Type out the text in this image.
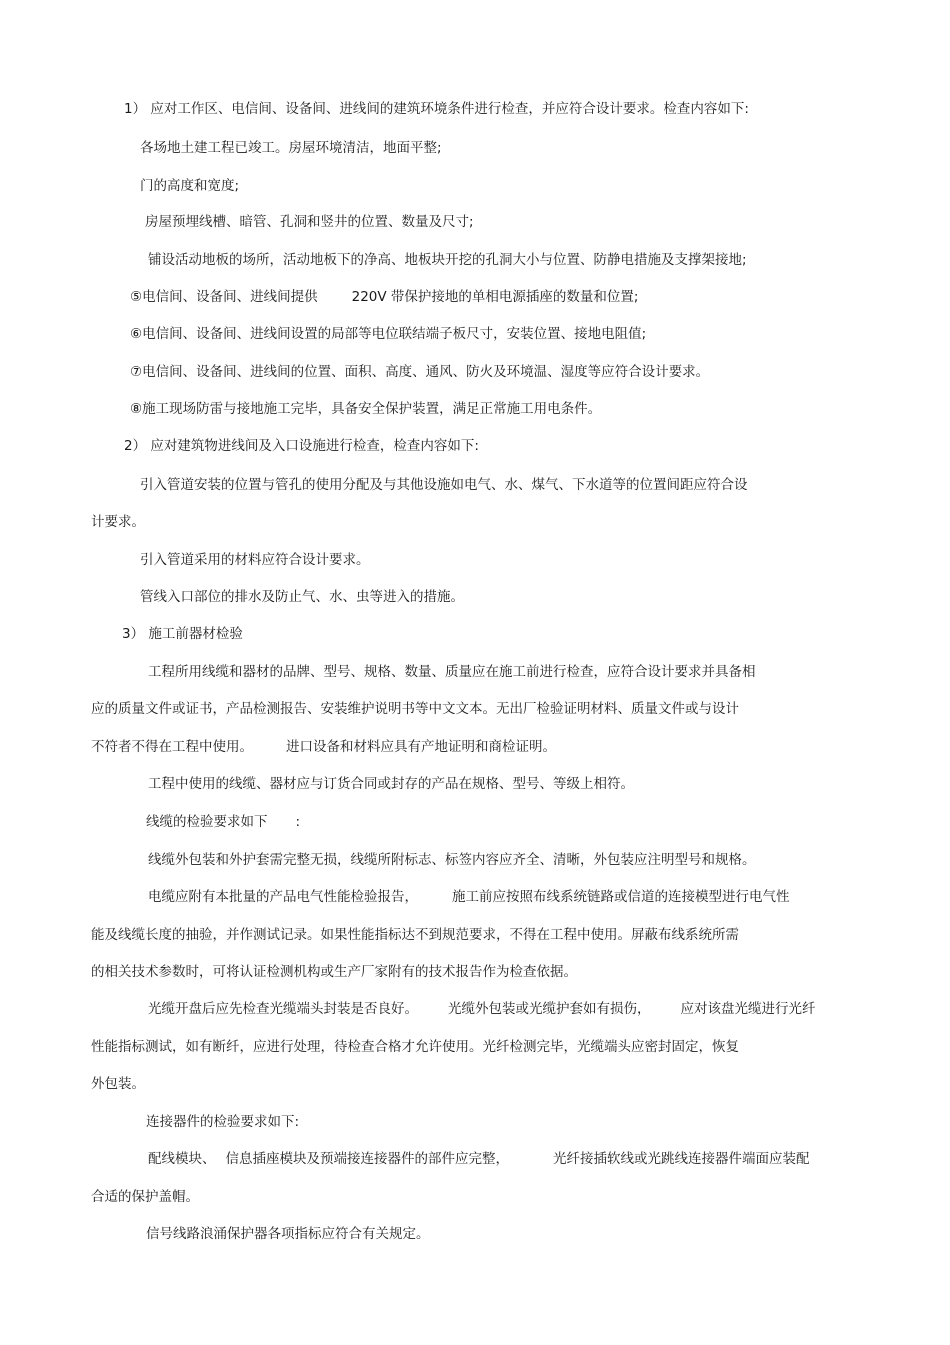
1） 应对工作区、电信间、设备间、进线间的建筑环境条件进行检查，并应符合设计要求。检查内容如下:
各场地土建工程已竣工。房屋环境清洁，地面平整;
门的高度和宽度;
房屋预埋线槽、暗管、孔洞和竖井的位置、数量及尺寸;
铺设活动地板的场所，活动地板下的净高、地板块开挖的孔洞大小与位置、防静电措施及支撑架接地;
⑤电信间、设备间、进线间提供	220V 带保护接地的单相电源插座的数量和位置;
⑥电信间、设备间、进线间设置的局部等电位联结端子板尺寸，安装位置、接地电阻值;
⑦电信间、设备间、进线间的位置、面积、高度、通风、防火及环境温、湿度等应符合设计要求。
⑧施工现场防雷与接地施工完毕，具备安全保护装置，满足正常施工用电条件。
2） 应对建筑物进线间及入口设施进行检查，检查内容如下:
引入管道安装的位置与管孔的使用分配及与其他设施如电气、水、煤气、下水道等的位置间距应符合设
计要求。
引入管道采用的材料应符合设计要求。
管线入口部位的排水及防止气、水、虫等进入的措施。
3） 施工前器材检验
工程所用线缆和器材的品牌、型号、规格、数量、质量应在施工前进行检查，应符合设计要求并具备相
应的质量文件或证书，产品检测报告、安装维护说明书等中文文本。无出厂检验证明材料、质量文件或与设计
不符者不得在工程中使用。 进口设备和材料应具有产地证明和商检证明。
工程中使用的线缆、器材应与订货合同或封存的产品在规格、型号、等级上相符。
线缆的检验要求如下 :
线缆外包装和外护套需完整无损，线缆所附标志、标签内容应齐全、清晰，外包装应注明型号和规格。
电缆应附有本批量的产品电气性能检验报告，	施工前应按照布线系统链路或信道的连接模型进行电气性
能及线缆长度的抽验，并作测试记录。如果性能指标达不到规范要求，不得在工程中使用。屏蔽布线系统所需
的相关技术参数时，可将认证检测机构或生产厂家附有的技术报告作为检查依据。
光缆开盘后应先检查光缆端头封装是否良好。 光缆外包装或光缆护套如有损伤， 应对该盘光缆进行光纤
性能指标测试，如有断纤，应进行处理，待检查合格才允许使用。光纤检测完毕，光缆端头应密封固定，恢复
外包装。
连接器件的检验要求如下:
配线模块、 信息插座模块及预端接连接器件的部件应完整，	光纤接插软线或光跳线连接器件端面应装配
合适的保护盖帽。
信号线路浪涌保护器各项指标应符合有关规定。
